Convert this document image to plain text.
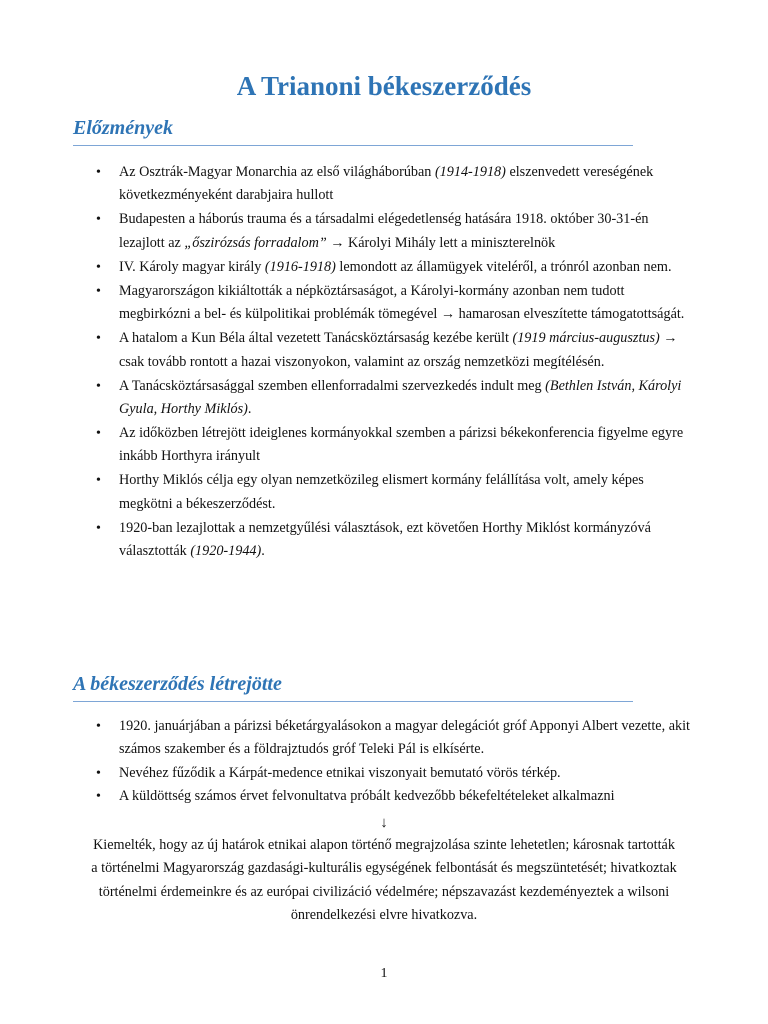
A Trianoni békeszerződés
Előzmények
• Az Osztrák-Magyar Monarchia az első világháborúban (1914-1918) elszenvedett vereségének következményeként darabjaira hullott
• Budapesten a háborús trauma és a társadalmi elégedetlenség hatására 1918. október 30-31-én lezajlott az „őszirózsás forradalom” → Károlyi Mihály lett a miniszterelnök
• IV. Károly magyar király (1916-1918) lemondott az államügyek viteléről, a trónról azonban nem.
• Magyarországon kikiáltották a népköztársaságot, a Károlyi-kormány azonban nem tudott megbirkózni a bel- és külpolitikai problémák tömegével → hamarosan elveszítette támogatottságát.
• A hatalom a Kun Béla által vezetett Tanácsköztársaság kezébe került (1919 március-augusztus) → csak tovább rontott a hazai viszonyokon, valamint az ország nemzetközi megítélésén.
• A Tanácsköztársasággal szemben ellenforradalmi szervezkedés indult meg (Bethlen István, Károlyi Gyula, Horthy Miklós).
• Az időközben létrejött ideiglenes kormányokkal szemben a párizsi békekonferencia figyelme egyre inkább Horthyra irányult
• Horthy Miklós célja egy olyan nemzetközileg elismert kormány felállítása volt, amely képes megkötni a békeszerződést.
• 1920-ban lezajlottak a nemzetgyűlési választások, ezt követően Horthy Miklóst kormányzóvá választották (1920-1944).
A békeszerződés létrejötte
• 1920. januárjában a párizsi béketárgyalásokon a magyar delegációt gróf Apponyi Albert vezette, akit számos szakember és a földrajztudós gróf Teleki Pál is elkísérte.
• Nevéhez fűződik a Kárpát-medence etnikai viszonyait bemutató vörös térkép.
• A küldöttség számos érvet felvonultatva próbált kedvezőbb békefeltételeket alkalmazni
↓
Kiemelték, hogy az új határok etnikai alapon történő megrajzolása szinte lehetetlen; károsnak tartották a történelmi Magyarország gazdasági-kulturális egységének felbontását és megszüntetését; hivatkoztak történelmi érdemeinkre és az európai civilizáció védelmére; népszavazást kezdeményeztek a wilsoni önrendelkezési elvre hivatkozva.
1
